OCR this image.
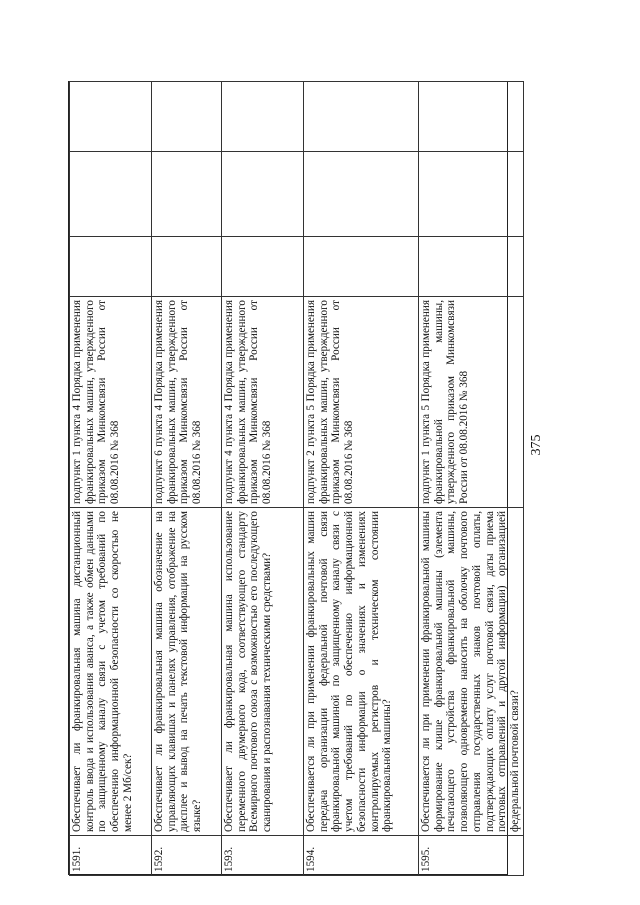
375
1591.	Обеспечивает ли франкировальная машина дистанционный контроль ввода и использования аванса, а также обмен данными по защищенному каналу связи с учетом требований по обеспечению информационной безопасности со скоростью не менее 2 Мб/сек?	подпункт 1 пункта 4 Порядка применения франкировальных машин, утвержденного приказом Минкомсвязи России от 08.08.2016 № 368			
1592.	Обеспечивает ли франкировальная машина обозначение на управляющих клавишах и панелях управления, отображение на дисплее и вывод на печать текстовой информации на русском языке?	подпункт 6 пункта 4 Порядка применения франкировальных машин, утвержденного приказом Минкомсвязи России от 08.08.2016 № 368			
1593.	Обеспечивает ли франкировальная машина использование переменного двумерного кода, соответствующего стандарту Всемирного почтового союза с возможностью его последующего сканирования и распознавания техническими средствами?	подпункт 4 пункта 4 Порядка применения франкировальных машин, утвержденного приказом Минкомсвязи России от 08.08.2016 № 368			
1594.	Обеспечивается ли при применении франкировальных машин передача организации федеральной почтовой связи франкировальной машиной по защищенному каналу связи с учетом требований по обеспечению информационной безопасности информации о значениях и изменениях контролируемых регистров и техническом состоянии франкировальной машины?	подпункт 2 пункта 5 Порядка применения франкировальных машин, утвержденного приказом Минкомсвязи России от 08.08.2016 № 368			
1595.	Обеспечивается ли при применении франкировальной машины формирование клише франкировальной машины (элемента печатающего устройства франкировальной машины, позволяющего одновременно наносить на оболочку почтового отправления государственных знаков почтовой оплаты, подтверждающих оплату услуг почтовой связи, даты приема почтовых отправлений и другой информации) организацией федеральной почтовой связи?	подпункт 1 пункта 5 Порядка применения франкировальной машины, утвержденного приказом Минкомсвязи России от 08.08.2016 № 368			
